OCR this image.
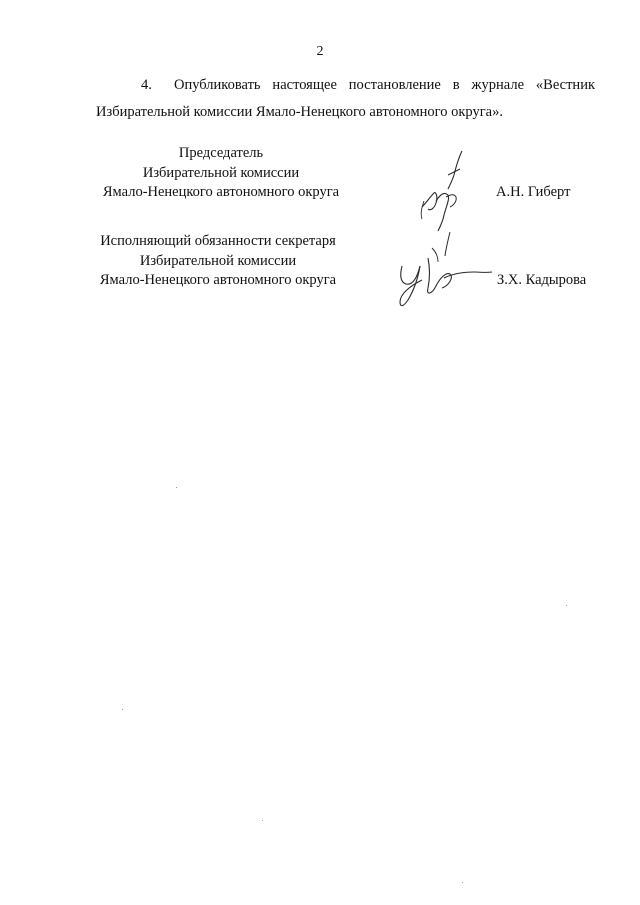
2
4. Опубликовать настоящее постановление в журнале «Вестник
Избирательной комиссии Ямало-Ненецкого автономного округа».
Председатель
Избирательной комиссии
Ямало-Ненецкого автономного округа	А.Н. Гиберт
Исполняющий обязанности секретаря
Избирательной комиссии
Ямало-Ненецкого автономного округа	З.Х. Кадырова
